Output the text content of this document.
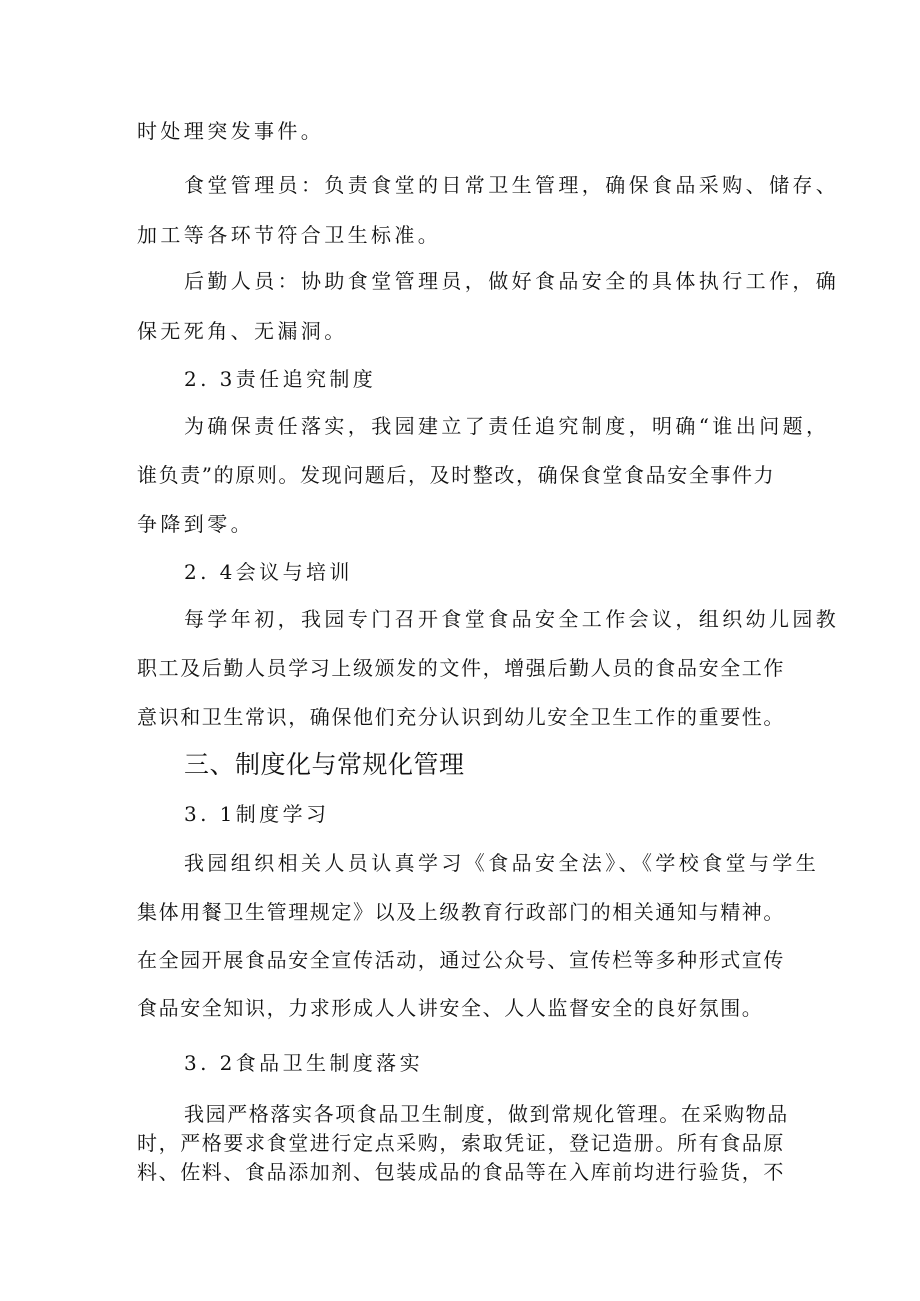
时处理突发事件。
食堂管理员：负责食堂的日常卫生管理，确保食品采购、储存、
加工等各环节符合卫生标准。
后勤人员：协助食堂管理员，做好食品安全的具体执行工作，确
保无死角、无漏洞。
2. 3责任追究制度
为确保责任落实，我园建立了责任追究制度，明确“谁出问题，
谁负责”的原则。发现问题后，及时整改，确保食堂食品安全事件力
争降到零。
2. 4会议与培训
每学年初，我园专门召开食堂食品安全工作会议，组织幼儿园教
职工及后勤人员学习上级颁发的文件，增强后勤人员的食品安全工作
意识和卫生常识，确保他们充分认识到幼儿安全卫生工作的重要性。
三、制度化与常规化管理
3. 1制度学习
我园组织相关人员认真学习《食品安全法》、《学校食堂与学生
集体用餐卫生管理规定》以及上级教育行政部门的相关通知与精神。
在全园开展食品安全宣传活动，通过公众号、宣传栏等多种形式宣传
食品安全知识，力求形成人人讲安全、人人监督安全的良好氛围。
3. 2食品卫生制度落实
我园严格落实各项食品卫生制度，做到常规化管理。在采购物品
时，严格要求食堂进行定点采购，索取凭证，登记造册。所有食品原
料、佐料、食品添加剂、包装成品的食品等在入库前均进行验货，不
